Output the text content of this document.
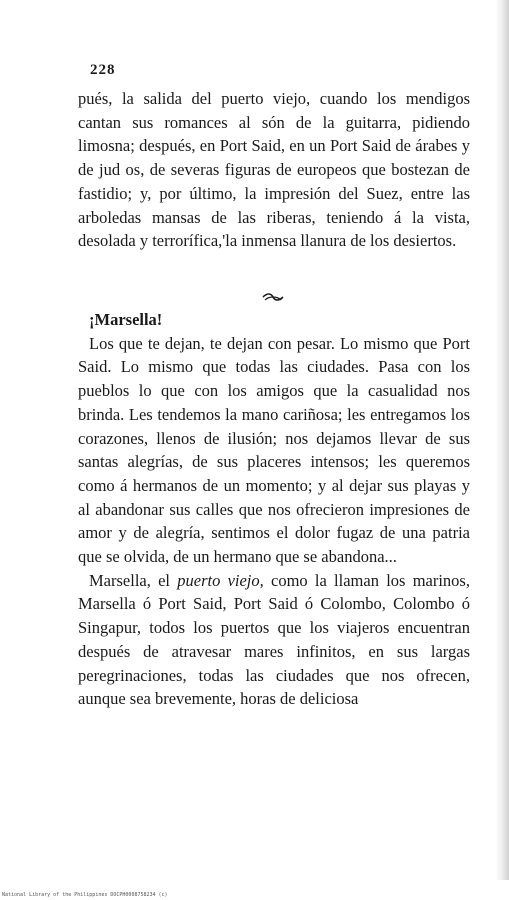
228

pués, la salida del puerto viejo, cuando los mendigos cantan sus romances al són de la guitarra, pidiendo limosna; después, en Port Said, en un Port Said de árabes y de jud os, de severas figuras de europeos que bostezan de fastidio; y, por último, la impresión del Suez, entre las arboledas mansas de las riberas, teniendo á la vista, desolada y terrorífica,'la inmensa llanura de los desiertos.

¡Marsella!

Los que te dejan, te dejan con pesar. Lo mismo que Port Said. Lo mismo que todas las ciudades. Pasa con los pueblos lo que con los amigos que la casualidad nos brinda. Les tendemos la mano cariñosa; les entregamos los corazones, llenos de ilusión; nos dejamos llevar de sus santas alegrías, de sus placeres intensos; les queremos como á hermanos de un momento; y al dejar sus playas y al abandonar sus calles que nos ofrecieron impresiones de amor y de alegría, sentimos el dolor fugaz de una patria que se olvida, de un hermano que se abandona...

Marsella, el puerto viejo, como la llaman los marinos, Marsella ó Port Said, Port Said ó Colombo, Colombo ó Singapur, todos los puertos que los viajeros encuentran después de atravesar mares infinitos, en sus largas peregrinaciones, todas las ciudades que nos ofrecen, aunque sea brevemente, horas de deliciosa

National Library of the Philippines DOCPH0008758234 (c)
